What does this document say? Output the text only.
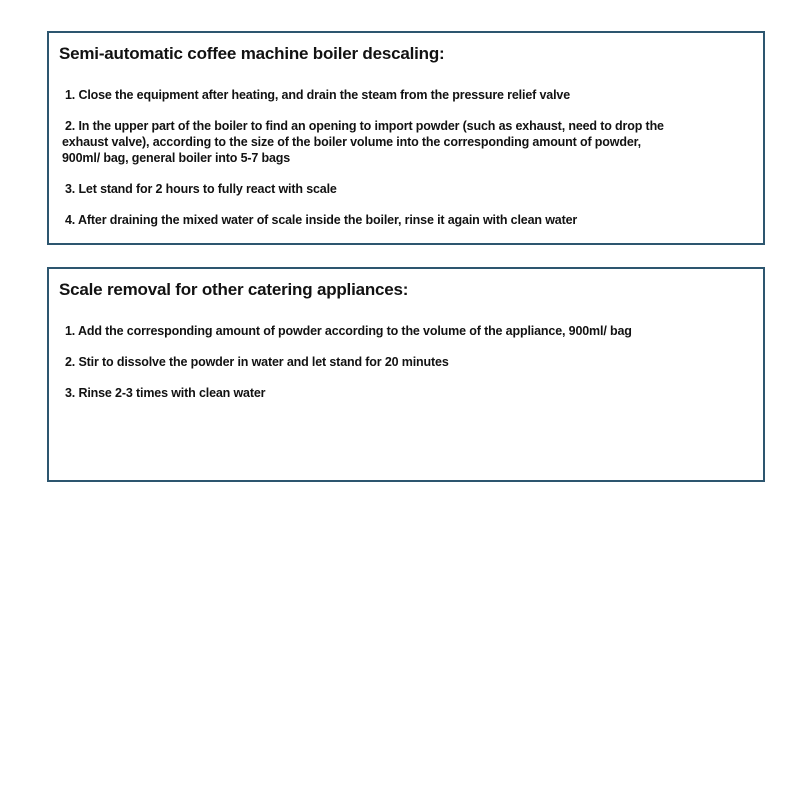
Semi-automatic coffee machine boiler descaling:

1. Close the equipment after heating, and drain the steam from the pressure relief valve

2. In the upper part of the boiler to find an opening to import powder (such as exhaust, need to drop the
exhaust valve), according to the size of the boiler volume into the corresponding amount of powder,
900ml/ bag, general boiler into 5-7 bags

3. Let stand for 2 hours to fully react with scale

4. After draining the mixed water of scale inside the boiler, rinse it again with clean water

Scale removal for other catering appliances:

1. Add the corresponding amount of powder according to the volume of the appliance, 900ml/ bag

2. Stir to dissolve the powder in water and let stand for 20 minutes

3. Rinse 2-3 times with clean water
